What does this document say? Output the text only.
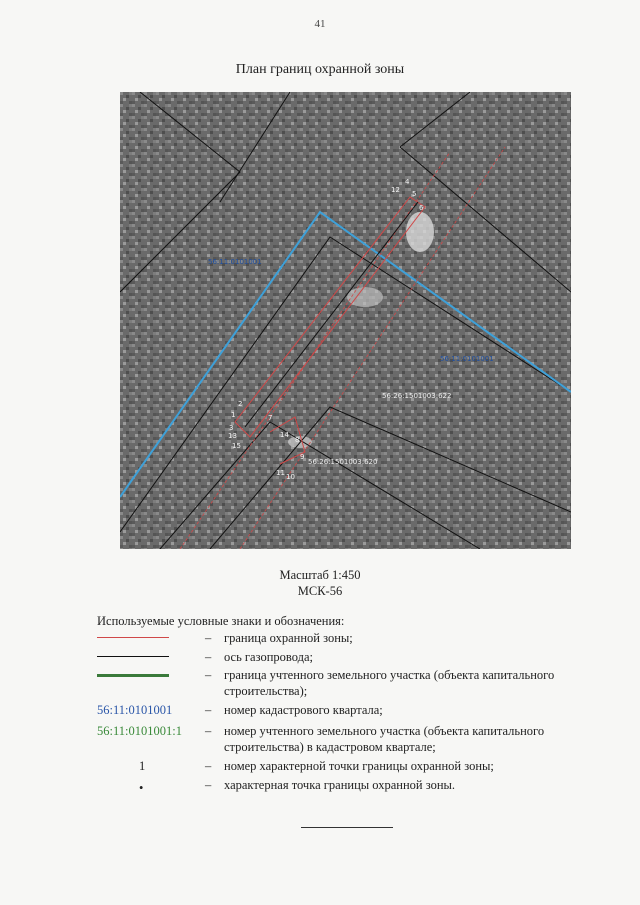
41
План границ охранной зоны
56:11:0101001
56:11:0101001
56:26:1501003:622
56:26:1501003:620
1
2
3
4
5
6
7
8
9
10
11
12
13	14
15
Масштаб 1:450
МСК-56
Используемые условные знаки и обозначения:
– граница охранной зоны;
– ось газопровода;
– граница учтенного земельного участка (объекта капитального строительства);
56:11:0101001	– номер кадастрового квартала;
56:11:0101001:1	– номер учтенного земельного участка (объекта капитального строительства) в кадастровом квартале;
1	– номер характерной точки границы охранной зоны;
•	– характерная точка границы охранной зоны.
